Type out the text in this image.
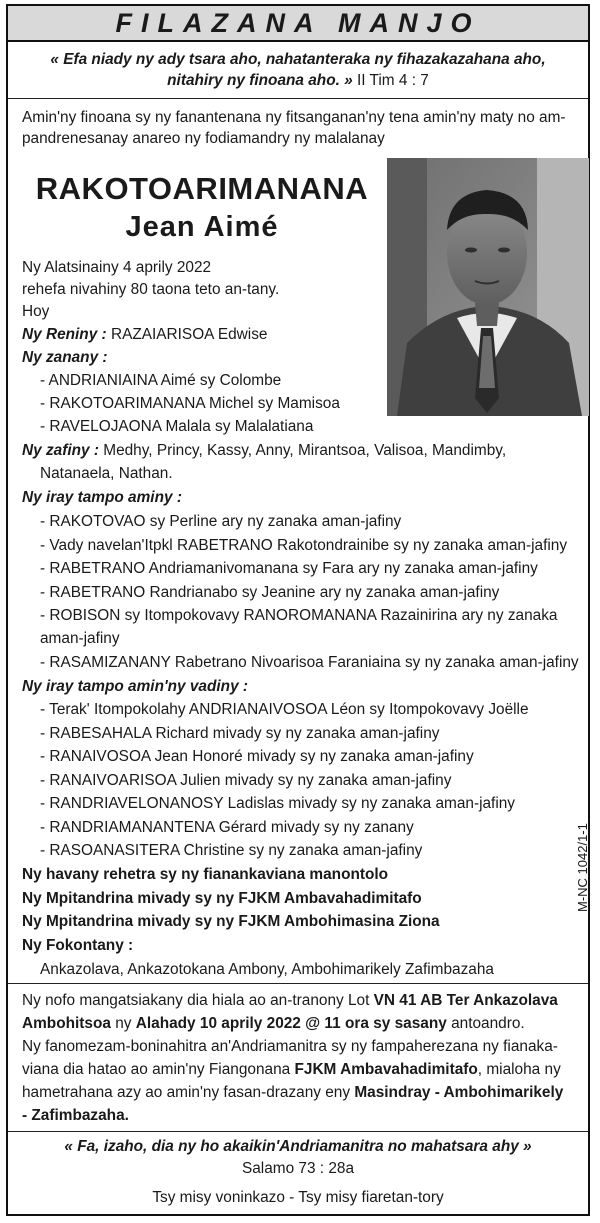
FILAZANA MANJO
« Efa niady ny ady tsara aho, nahatanteraka ny fihazakazahana aho,
nitahiry ny finoana aho. » II Tim 4 : 7
Amin'ny finoana sy ny fanantenana ny fitsanganan'ny tena amin'ny maty no am-
pandrenesanay anareo ny fodiamandry ny malalanay
RAKOTOARIMANANA
Jean Aimé
Ny Alatsinainy 4 aprily 2022
rehefa nivahiny 80 taona teto an-tany.
Hoy
Ny Reniny : RAZAIARISOA Edwise
Ny zanany :
- ANDRIANIAINA Aimé sy Colombe
- RAKOTOARIMANANA Michel sy Mamisoa
- RAVELOJAONA Malala sy Malalatiana
Ny zafiny : Medhy, Princy, Kassy, Anny, Mirantsoa, Valisoa, Mandimby,
Natanaela, Nathan.
Ny iray tampo aminy :
- RAKOTOVAO sy Perline ary ny zanaka aman-jafiny
- Vady navelan'Itpkl RABETRANO Rakotondrainibe sy ny zanaka aman-jafiny
- RABETRANO Andriamanivomanana sy Fara ary ny zanaka aman-jafiny
- RABETRANO Randrianabo sy Jeanine ary ny zanaka aman-jafiny
- ROBISON sy Itompokovavy RANOROMANANA Razainirina ary ny zanaka
aman-jafiny
- RASAMIZANANY Rabetrano Nivoarisoa Faraniaina sy ny zanaka aman-jafiny
Ny iray tampo amin'ny vadiny :
- Terak' Itompokolahy ANDRIANAIVOSOA Léon sy Itompokovavy Joëlle
- RABESAHALA Richard mivady sy ny zanaka aman-jafiny
- RANAIVOSOA Jean Honoré mivady sy ny zanaka aman-jafiny
- RANAIVOARISOA Julien mivady sy ny zanaka aman-jafiny
- RANDRIAVELONANOSY Ladislas mivady sy ny zanaka aman-jafiny
- RANDRIAMANANTENA Gérard mivady sy ny zanany
- RASOANASITERA Christine sy ny zanaka aman-jafiny
Ny havany rehetra sy ny fianankaviana manontolo
Ny Mpitandrina mivady sy ny FJKM Ambavahadimitafo
Ny Mpitandrina mivady sy ny FJKM Ambohimasina Ziona
Ny Fokontany :
Ankazolava, Ankazotokana Ambony, Ambohimarikely Zafimbazaha
M-NC 1042/1-1
Ny nofo mangatsiakany dia hiala ao an-tranony Lot VN 41 AB Ter Ankazolava
Ambohitsoa ny Alahady 10 aprily 2022 @ 11 ora sy sasany antoandro.
Ny fanomezam-boninahitra an'Andriamanitra sy ny fampaherezana ny fianaka-
viana dia hatao ao amin'ny Fiangonana FJKM Ambavahadimitafo, mialoha ny
hametrahana azy ao amin'ny fasan-drazany eny Masindray - Ambohimarikely
- Zafimbazaha.
« Fa, izaho, dia ny ho akaikin'Andriamanitra no mahatsara ahy »
Salamo 73 : 28a
Tsy misy voninkazo - Tsy misy fiaretan-tory
